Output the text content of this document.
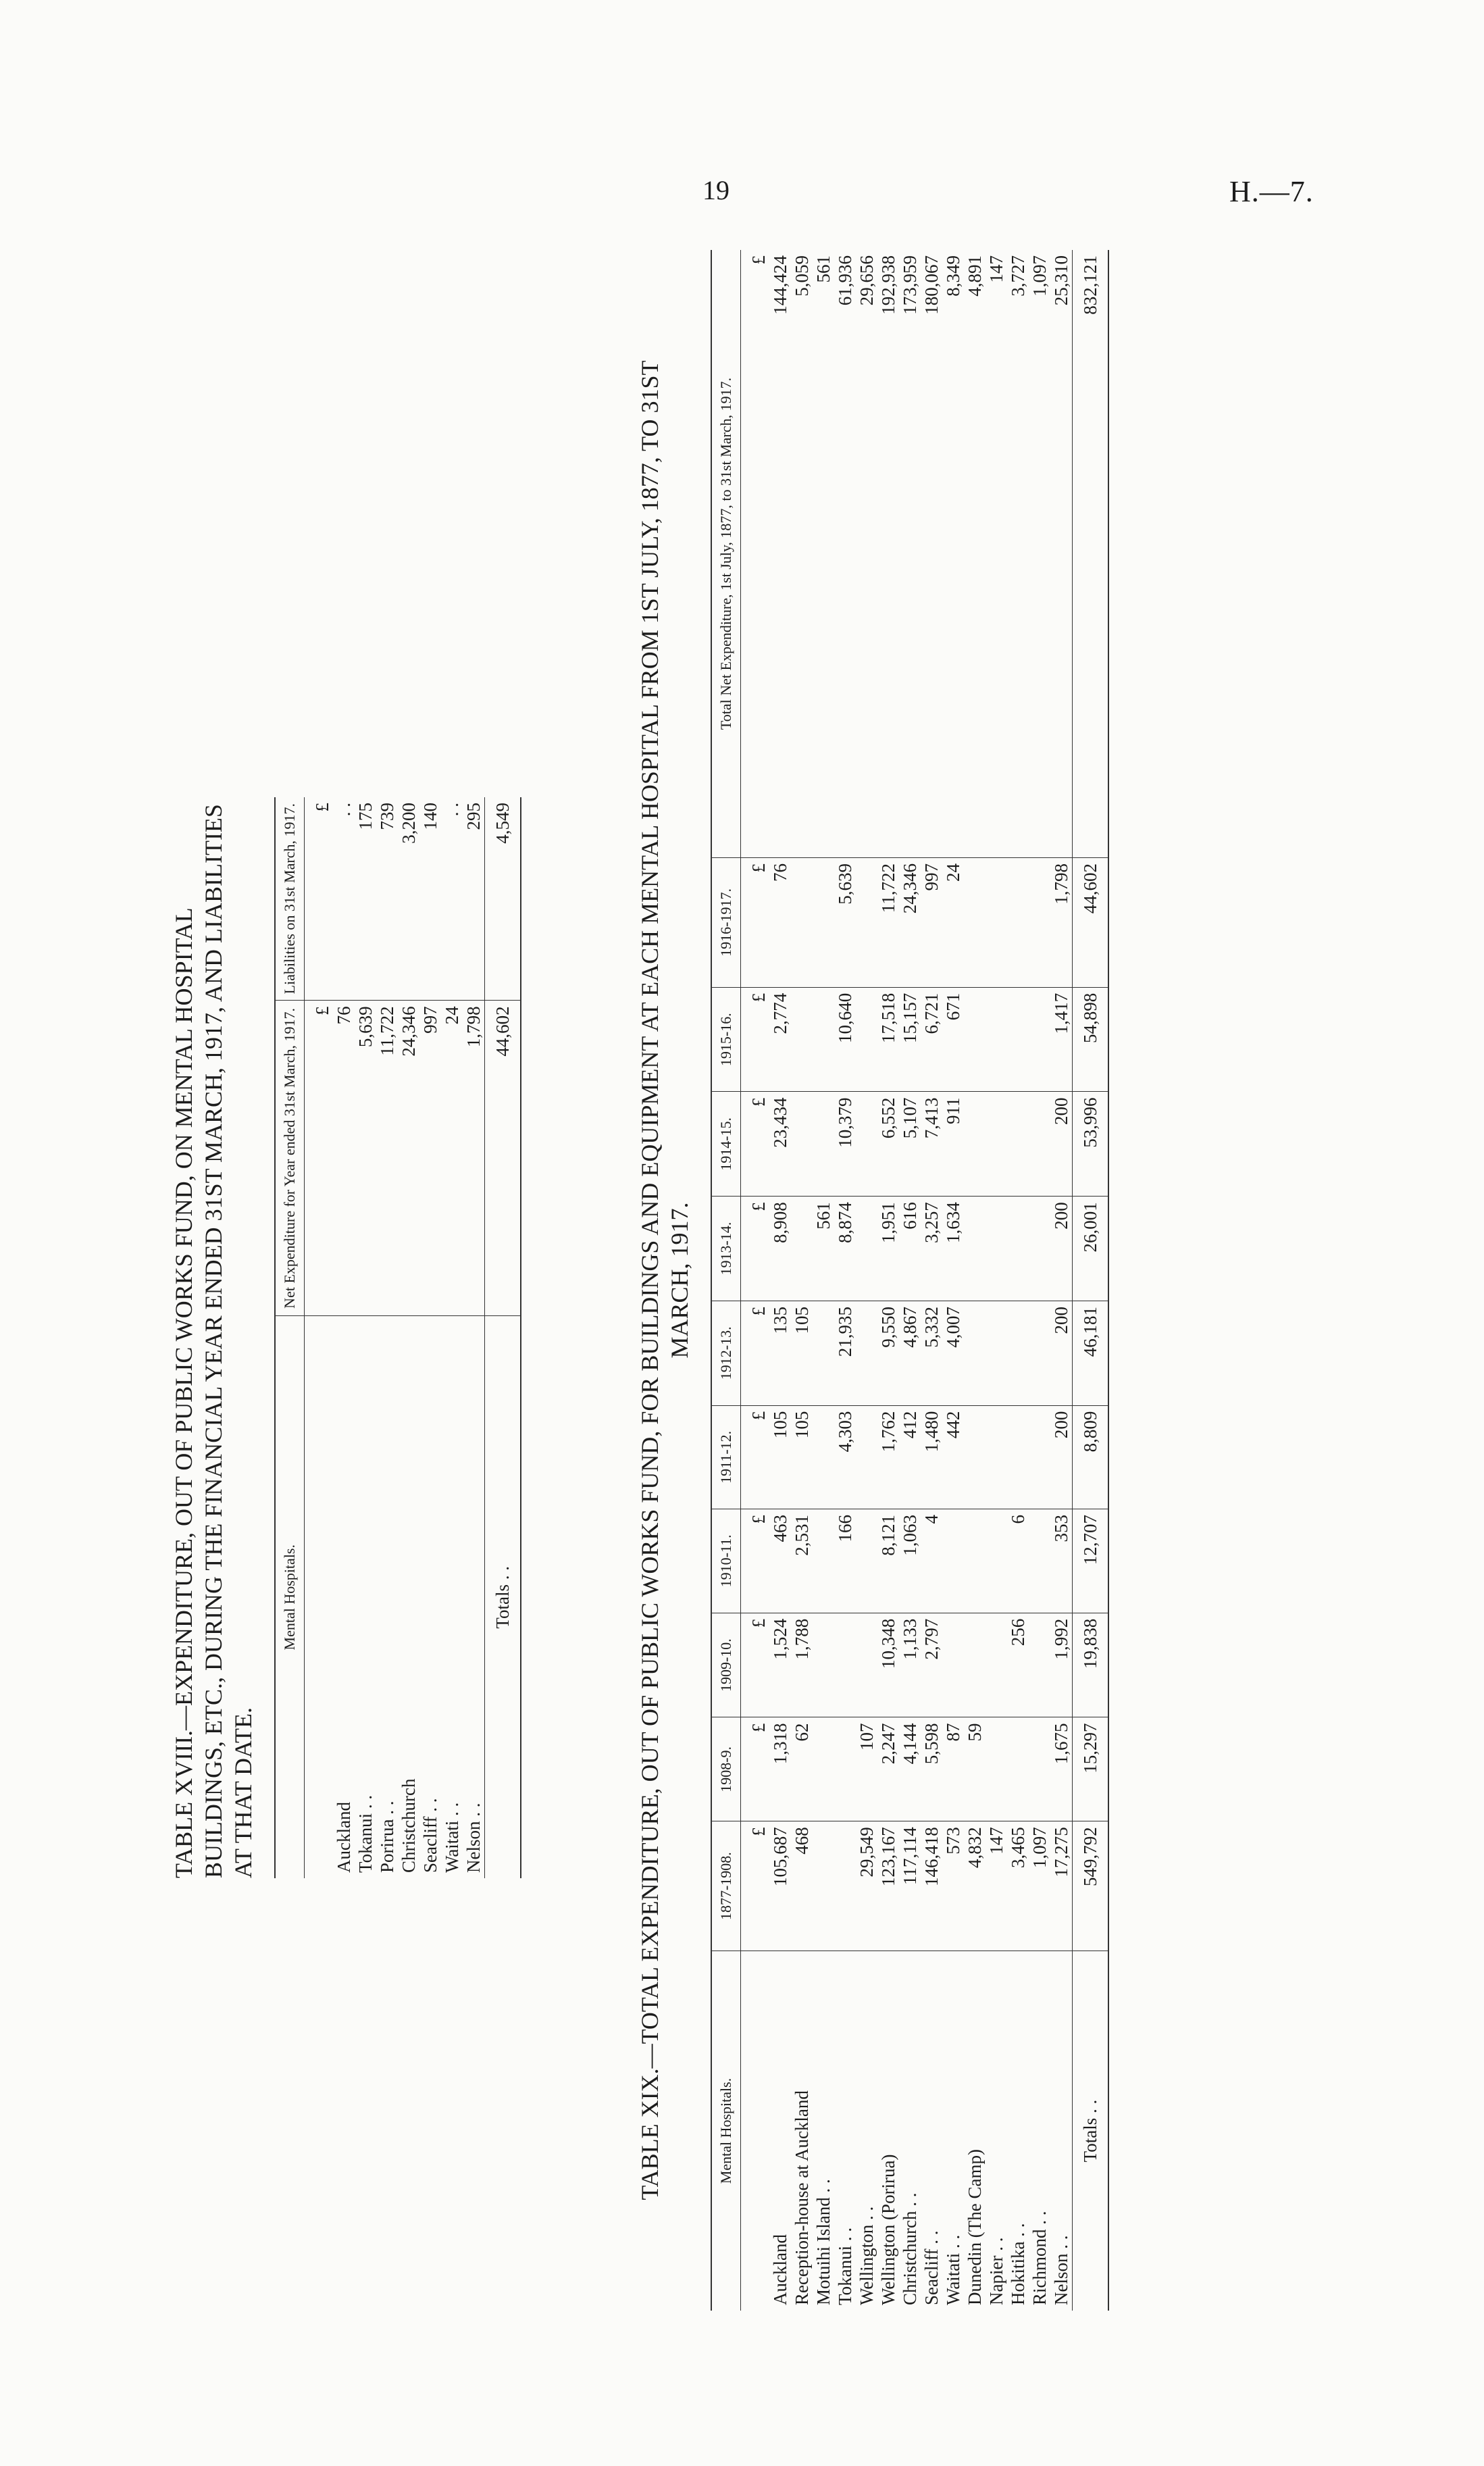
19	H.—7.
TABLE XVIII.—EXPENDITURE, OUT OF PUBLIC WORKS FUND, ON MENTAL HOSPITAL BUILDINGS, ETC., DURING THE FINANCIAL YEAR ENDED 31ST MARCH, 1917, AND LIABILITIES AT THAT DATE.
Mental Hospitals.	Net Expenditure for Year ended 31st March, 1917.	Liabilities on 31st March, 1917.
	£	£
Auckland	76	. .
Tokanui . .	5,639	175
Porirua . .	11,722	739
Christchurch	24,346	3,200
Seacliff . .	997	140
Waitati . .	24	. .
Nelson . .	1,798	295
Totals . .	44,602	4,549	TABLE XIX.—TOTAL EXPENDITURE, OUT OF PUBLIC WORKS FUND, FOR BUILDINGS AND EQUIPMENT AT EACH MENTAL HOSPITAL FROM 1ST JULY, 1877, TO 31ST MARCH, 1917.
Mental Hospitals.	1877-1908.	1908-9.	1909-10.	1910-11.	1911-12.	1912-13.	1913-14.	1914-15.	1915-16.	1916-1917.	Total Net Expenditure, 1st July, 1877, to 31st March, 1917.
	£	£	£	£	£	£	£	£	£	£	£
Auckland	105,687	1,318	1,524	463	105	135	8,908	23,434	2,774	76	144,424
Reception-house at Auckland	468	62	1,788	2,531	105	105					5,059
Motuihi Island . .							561				561
Tokanui . .				166	4,303	21,935	8,874	10,379	10,640	5,639	61,936
Wellington . .	29,549	107									29,656
Wellington (Porirua)	123,167	2,247	10,348	8,121	1,762	9,550	1,951	6,552	17,518	11,722	192,938
Christchurch . .	117,114	4,144	1,133	1,063	412	4,867	616	5,107	15,157	24,346	173,959
Seacliff . .	146,418	5,598	2,797	4	1,480	5,332	3,257	7,413	6,721	997	180,067
Waitati . .	573	87			442	4,007	1,634	911	671	24	8,349
Dunedin (The Camp)	4,832	59									4,891
Napier . .	147										147
Hokitika . .	3,465		256	6							3,727
Richmond . .	1,097										1,097
Nelson . .	17,275	1,675	1,992	353	200	200	200	200	1,417	1,798	25,310
Totals . .	549,792	15,297	19,838	12,707	8,809	46,181	26,001	53,996	54,898	44,602	832,121
